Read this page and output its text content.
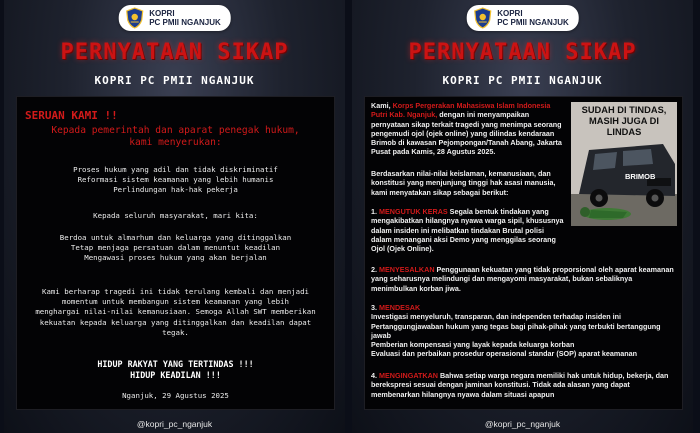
KOPRI
PC PMII NGANJUK
PERNYATAAN SIKAP
KOPRI PC PMII NGANJUK
SERUAN KAMI !!
Kepada pemerintah dan aparat penegak hukum,
kami menyerukan:
Proses hukum yang adil dan tidak diskriminatif
Reformasi sistem keamanan yang lebih humanis
Perlindungan hak-hak pekerja
Kepada seluruh masyarakat, mari kita:
Berdoa untuk almarhum dan keluarga yang ditinggalkan
Tetap menjaga persatuan dalam menuntut keadilan
Mengawasi proses hukum yang akan berjalan
Kami berharap tragedi ini tidak terulang kembali dan menjadi
momentum untuk membangun sistem keamanan yang lebih
menghargai nilai-nilai kemanusiaan. Semoga Allah SWT memberikan
kekuatan kepada keluarga yang ditinggalkan dan keadilan dapat
tegak.
HIDUP RAKYAT YANG TERTINDAS !!!
HIDUP KEADILAN !!!
Nganjuk, 29 Agustus 2025
@kopri_pc_nganjuk
KOPRI
PC PMII NGANJUK
PERNYATAAN SIKAP
KOPRI PC PMII NGANJUK
Kami, Korps Pergerakan Mahasiswa Islam Indonesia
Putri Kab. Nganjuk, dengan ini menyampaikan
pernyataan sikap terkait tragedi yang menimpa seorang
pengemudi ojol (ojek online) yang dilindas kendaraan
Brimob di kawasan Pejompongan/Tanah Abang, Jakarta
Pusat pada Kamis, 28 Agustus 2025.
Berdasarkan nilai-nilai keislaman, kemanusiaan, dan
konstitusi yang menjunjung tinggi hak asasi manusia,
kami menyatakan sikap sebagai berikut:
SUDAH DI TINDAS,
MASIH JUGA DI LINDAS
BRIMOB
1. MENGUTUK KERAS Segala bentuk tindakan yang
mengakibatkan hilangnya nyawa warga sipil, khususnya
dalam insiden ini melibatkan tindakan Brutal polisi
dalam menangani aksi Demo yang menggilas seorang
Ojol (Ojek Online).
2. MENYESALKAN Penggunaan kekuatan yang tidak proporsional oleh aparat keamanan
yang seharusnya melindungi dan mengayomi masyarakat, bukan sebaliknya
menimbulkan korban jiwa.
3. MENDESAK
Investigasi menyeluruh, transparan, dan independen terhadap insiden ini
Pertanggungjawaban hukum yang tegas bagi pihak-pihak yang terbukti bertanggung
jawab
Pemberian kompensasi yang layak kepada keluarga korban
Evaluasi dan perbaikan prosedur operasional standar (SOP) aparat keamanan
4. MENGINGATKAN Bahwa setiap warga negara memiliki hak untuk hidup, bekerja, dan
berekspresi sesuai dengan jaminan konstitusi. Tidak ada alasan yang dapat
membenarkan hilangnya nyawa dalam situasi apapun
@kopri_pc_nganjuk
